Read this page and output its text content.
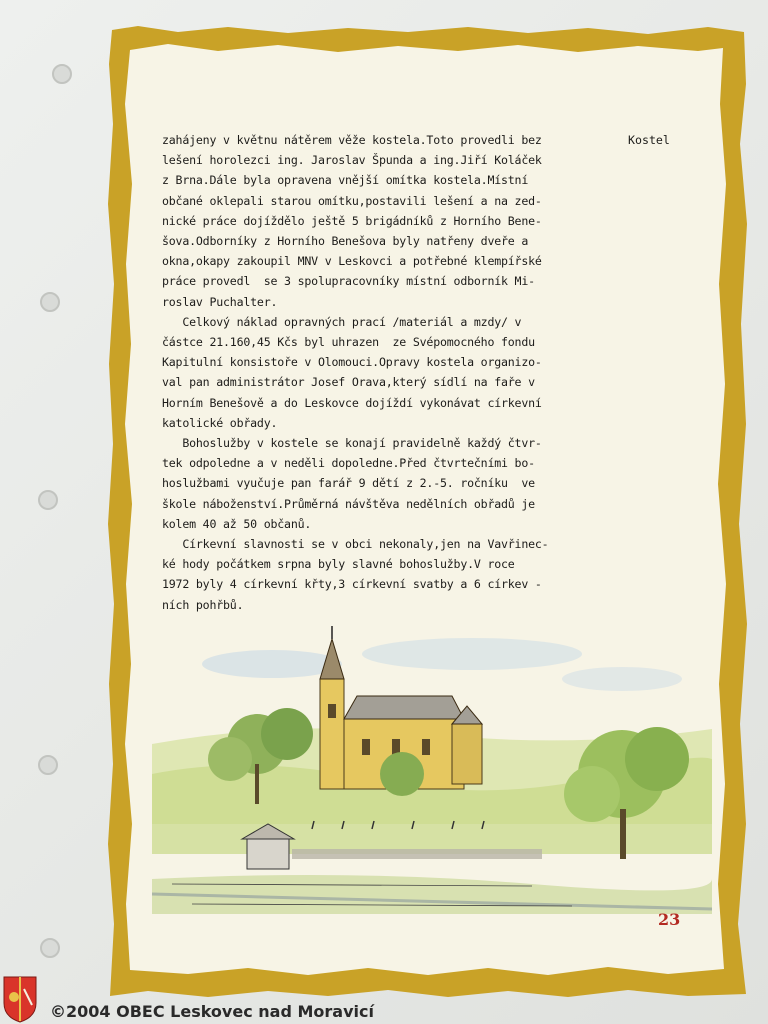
zahájeny v květnu nátěrem věže kostela.Toto provedli bez
lešení horolezci ing. Jaroslav Špunda a ing.Jiří Koláček
z Brna.Dále byla opravena vnější omítka kostela.Místní
občané oklepali starou omítku,postavili lešení a na zed-
nické práce dojíždělo ještě 5 brigádníků z Horního Bene-
šova.Odborníky z Horního Benešova byly natřeny dveře a
okna,okapy zakoupil MNV v Leskovci a potřebné klempířské
práce provedl  se 3 spolupracovníky místní odborník Mi-
roslav Puchalter.
Celkový náklad opravných prací /materiál a mzdy/ v
částce 21.160,45 Kčs byl uhrazen  ze Svépomocného fondu
Kapitulní konsistoře v Olomouci.Opravy kostela organizo-
val pan administrátor Josef Orava,který sídlí na faře v
Horním Benešově a do Leskovce dojíždí vykonávat církevní
katolické obřady.
Bohoslužby v kostele se konají pravidelně každý čtvr-
tek odpoledne a v neděli dopoledne.Před čtvrtečními bo-
hoslužbami vyučuje pan farář 9 dětí z 2.-5. ročníku  ve
škole náboženství.Průměrná návštěva nedělních obřadů je
kolem 40 až 50 občanů.
Církevní slavnosti se v obci nekonaly,jen na Vavřinec-
ké hody počátkem srpna byly slavné bohoslužby.V roce
1972 byly 4 církevní křty,3 církevní svatby a 6 církev -
ních pohřbů.
Kostel
23
©2004 OBEC Leskovec nad Moravicí
